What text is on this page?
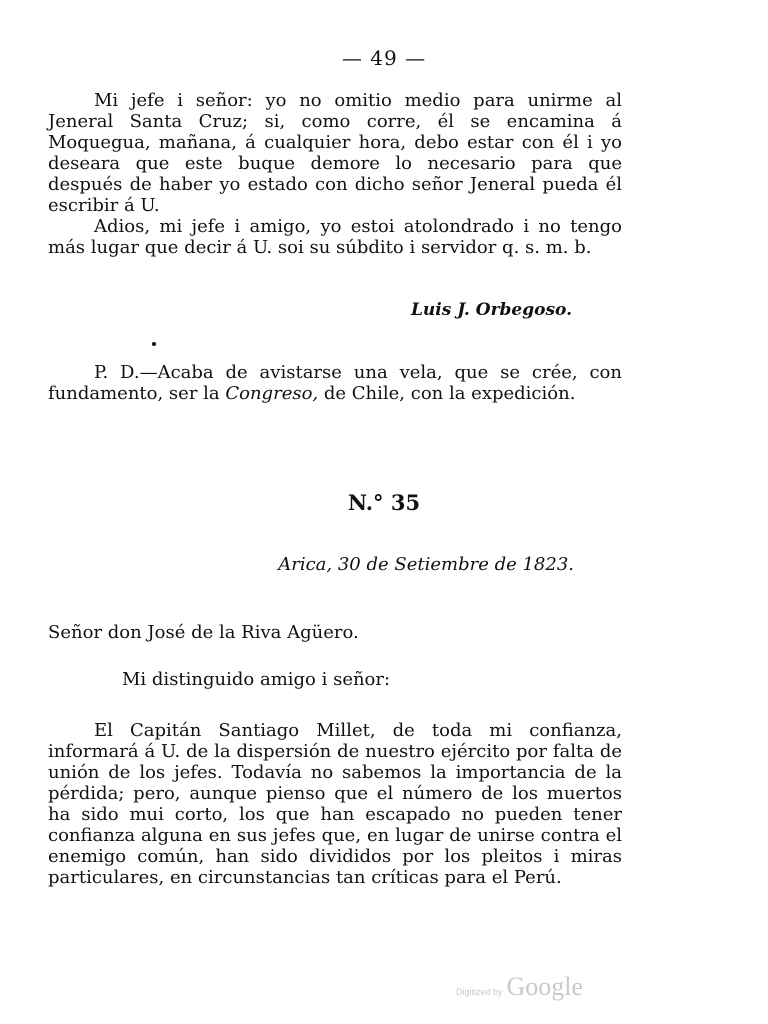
— 49 —

Mi jefe i señor: yo no omitio medio para unirme al Jeneral Santa Cruz; si, como corre, él se encamina á Moquegua, mañana, á cualquier hora, debo estar con él i yo deseara que este buque demore lo necesario para que después de haber yo estado con dicho señor Jeneral pueda él escribir á U.

Adios, mi jefe i amigo, yo estoi atolondrado i no tengo más lugar que decir á U. soi su súbdito i servidor q. s. m. b.

Luis J. Orbegoso.

P. D.—Acaba de avistarse una vela, que se crée, con fundamento, ser la Congreso, de Chile, con la expedición.

N.° 35
Arica, 30 de Setiembre de 1823.
Señor don José de la Riva Agüero.
Mi distinguido amigo i señor:

El Capitán Santiago Millet, de toda mi confianza, informará á U. de la dispersión de nuestro ejército por falta de unión de los jefes. Todavía no sabemos la importancia de la pérdida; pero, aunque pienso que el número de los muertos ha sido mui corto, los que han escapado no pueden tener confianza alguna en sus jefes que, en lugar de unirse contra el enemigo común, han sido divididos por los pleitos i miras particulares, en circunstancias tan críticas para el Perú.

Digitized by Google
